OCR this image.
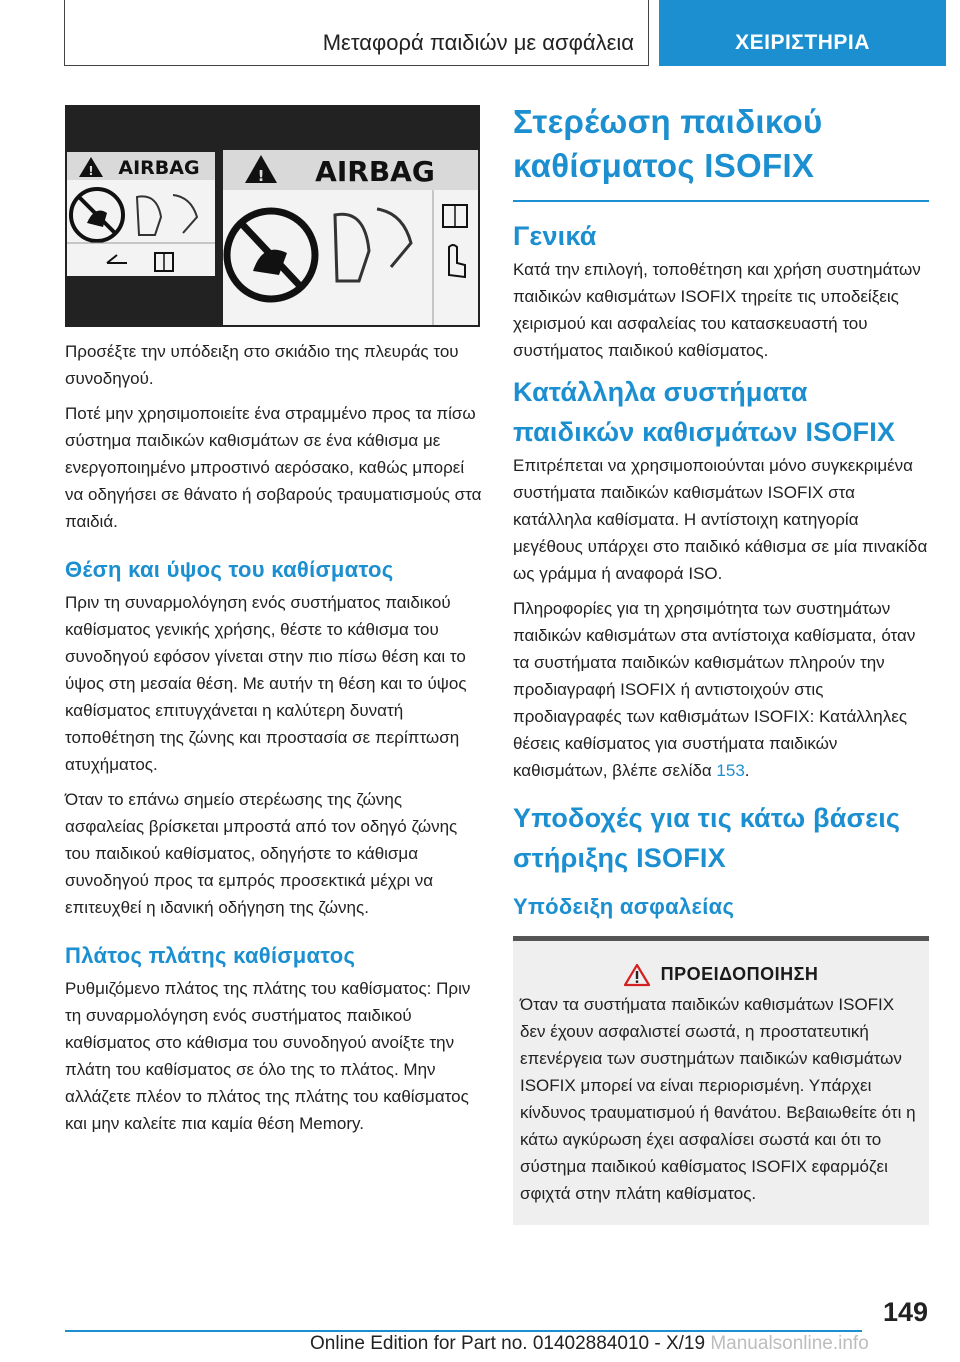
Μεταφορά παιδιών με ασφάλεια	ΧΕΙΡΙΣΤΗΡΙΑ
! AIRBAG	! AIRBAG

Προσέξτε την υπόδειξη στο σκιάδιο της πλευράς του συνοδηγού.

Ποτέ μην χρησιμοποιείτε ένα στραμμένο προς τα πίσω σύστημα παιδικών καθισμάτων σε ένα κάθισμα με ενεργοποιημένο μπροστινό αερόσακο, καθώς μπορεί να οδηγήσει σε θάνατο ή σοβαρούς τραυματισμούς στα παιδιά.

Θέση και ύψος του καθίσματος

Πριν τη συναρμολόγηση ενός συστήματος παιδικού καθίσματος γενικής χρήσης, θέστε το κάθισμα του συνοδηγού εφόσον γίνεται στην πιο πίσω θέση και το ύψος στη μεσαία θέση. Με αυτήν τη θέση και το ύψος καθίσματος επιτυγχάνεται η καλύτερη δυνατή τοποθέτηση της ζώνης και προστασία σε περίπτωση ατυχήματος.

Όταν το επάνω σημείο στερέωσης της ζώνης ασφαλείας βρίσκεται μπροστά από τον οδηγό ζώνης του παιδικού καθίσματος, οδηγήστε το κάθισμα συνοδηγού προς τα εμπρός προσεκτικά μέχρι να επιτευχθεί η ιδανική οδήγηση της ζώνης.

Πλάτος πλάτης καθίσματος

Ρυθμιζόμενο πλάτος της πλάτης του καθίσματος: Πριν τη συναρμολόγηση ενός συστήματος παιδικού καθίσματος στο κάθισμα του συνοδηγού ανοίξτε την πλάτη του καθίσματος σε όλο της το πλάτος. Μην αλλάζετε πλέον το πλάτος της πλάτης του καθίσματος και μην καλείτε πια καμία θέση Memory.

Στερέωση παιδικού καθίσματος ISOFIX
Γενικά

Κατά την επιλογή, τοποθέτηση και χρήση συστημάτων παιδικών καθισμάτων ISOFIX τηρείτε τις υποδείξεις χειρισμού και ασφαλείας του κατασκευαστή του συστήματος παιδικού καθίσματος.

Κατάλληλα συστήματα παιδικών καθισμάτων ISOFIX

Επιτρέπεται να χρησιμοποιούνται μόνο συγκεκριμένα συστήματα παιδικών καθισμάτων ISOFIX στα κατάλληλα καθίσματα. Η αντίστοιχη κατηγορία μεγέθους υπάρχει στο παιδικό κάθισμα σε μία πινακίδα ως γράμμα ή αναφορά ISO.

Πληροφορίες για τη χρησιμότητα των συστημάτων παιδικών καθισμάτων στα αντίστοιχα καθίσματα, όταν τα συστήματα παιδικών καθισμάτων πληρούν την προδιαγραφή ISOFIX ή αντιστοιχούν στις προδιαγραφές των καθισμάτων ISOFIX: Κατάλληλες θέσεις καθίσματος για συστήματα παιδικών καθισμάτων, βλέπε σελίδα 153.

Υποδοχές για τις κάτω βάσεις στήριξης ISOFIX
Υπόδειξη ασφαλείας
ΠΡΟΕΙΔΟΠΟΙΗΣΗ

Όταν τα συστήματα παιδικών καθισμάτων ISOFIX δεν έχουν ασφαλιστεί σωστά, η προστατευτική επενέργεια των συστημάτων παιδικών καθισμάτων ISOFIX μπορεί να είναι περιορισμένη. Υπάρχει κίνδυνος τραυματισμού ή θανάτου. Βεβαιωθείτε ότι η κάτω αγκύρωση έχει ασφαλίσει σωστά και ότι το σύστημα παιδικού καθίσματος ISOFIX εφαρμόζει σφιχτά στην πλάτη καθίσματος.

149
Online Edition for Part no. 01402884010 - X/19 Manualsonline.info
